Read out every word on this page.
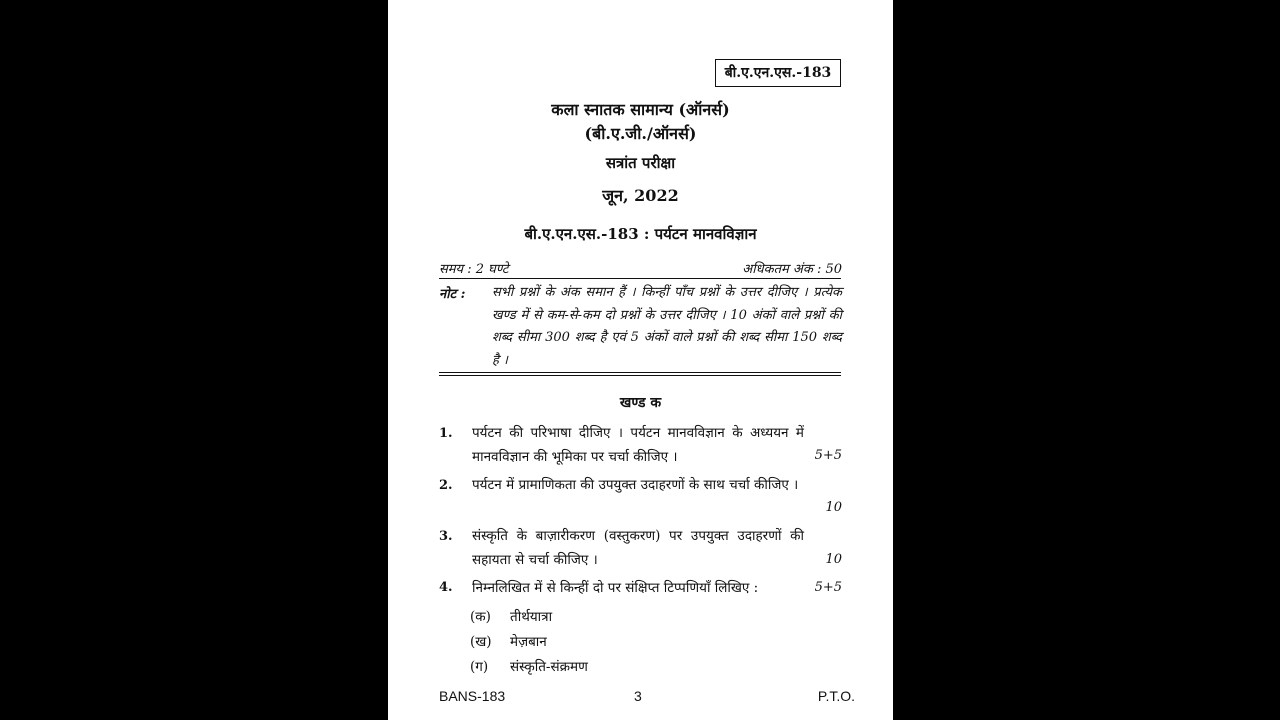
बी.ए.एन.एस.-183
कला स्नातक सामान्य (ऑनर्स)
(बी.ए.जी./ऑनर्स)
सत्रांत परीक्षा
जून, 2022
बी.ए.एन.एस.-183 : पर्यटन मानवविज्ञान
समय : 2 घण्टे	अधिकतम अंक : 50
नोट : सभी प्रश्नों के अंक समान हैं । किन्हीं पाँच प्रश्नों के उत्तर दीजिए । प्रत्येक खण्ड में से कम-से-कम दो प्रश्नों के उत्तर दीजिए । 10 अंकों वाले प्रश्नों की शब्द सीमा 300 शब्द है एवं 5 अंकों वाले प्रश्नों की शब्द सीमा 150 शब्द है ।
खण्ड क
1. पर्यटन की परिभाषा दीजिए । पर्यटन मानवविज्ञान के अध्ययन में मानवविज्ञान की भूमिका पर चर्चा कीजिए ।	5+5
2. पर्यटन में प्रामाणिकता की उपयुक्त उदाहरणों के साथ चर्चा कीजिए ।
10
3. संस्कृति के बाज़ारीकरण (वस्तुकरण) पर उपयुक्त उदाहरणों की सहायता से चर्चा कीजिए ।	10
4. निम्नलिखित में से किन्हीं दो पर संक्षिप्त टिप्पणियाँ लिखिए :	5+5
(क) तीर्थयात्रा
(ख) मेज़बान
(ग) संस्कृति-संक्रमण
BANS-183	3	P.T.O.
